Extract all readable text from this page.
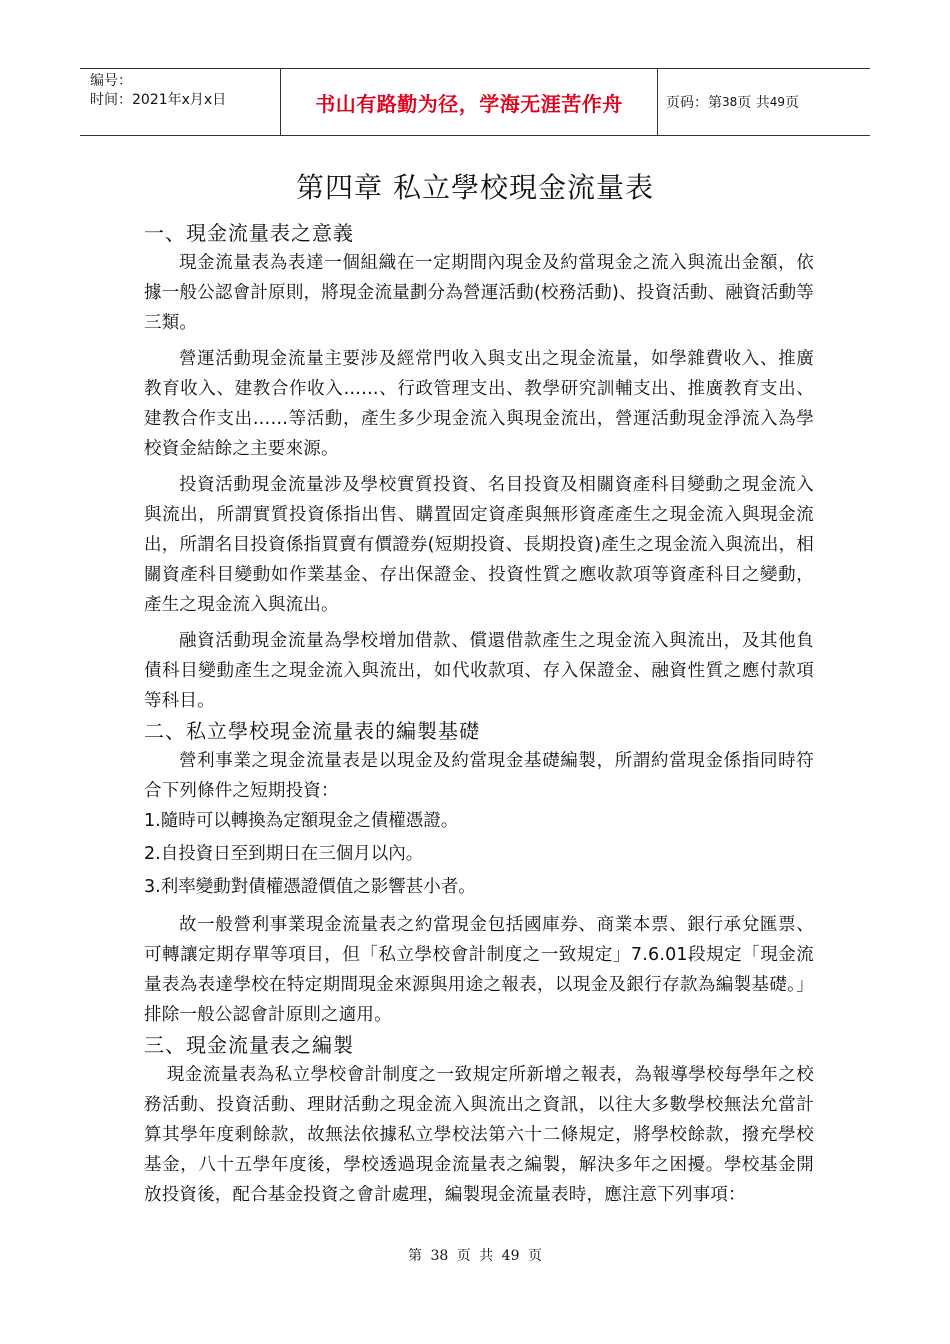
编号：
时间：2021年x月x日	书山有路勤为径，学海无涯苦作舟	页码：第 38 页 共 49 页
第四章 私立學校現金流量表
一、現金流量表之意義

現金流量表為表達一個組織在一定期間內現金及約當現金之流入與流出金額，依據一般公認會計原則，將現金流量劃分為營運活動(校務活動)、投資活動、融資活動等三類。

營運活動現金流量主要涉及經常門收入與支出之現金流量，如學雜費收入、推廣教育收入、建教合作收入……、行政管理支出、教學研究訓輔支出、推廣教育支出、建教合作支出……等活動，產生多少現金流入與現金流出，營運活動現金淨流入為學校資金結餘之主要來源。

投資活動現金流量涉及學校實質投資、名目投資及相關資產科目變動之現金流入與流出，所謂實質投資係指出售、購置固定資產與無形資產產生之現金流入與現金流出，所謂名目投資係指買賣有價證券(短期投資、長期投資)產生之現金流入與流出，相關資產科目變動如作業基金、存出保證金、投資性質之應收款項等資產科目之變動，產生之現金流入與流出。

融資活動現金流量為學校增加借款、償還借款產生之現金流入與流出，及其他負債科目變動產生之現金流入與流出，如代收款項、存入保證金、融資性質之應付款項等科目。

二、私立學校現金流量表的編製基礎

營利事業之現金流量表是以現金及約當現金基礎編製，所謂約當現金係指同時符合下列條件之短期投資：

1.隨時可以轉換為定額現金之債權憑證。
2.自投資日至到期日在三個月以內。
3.利率變動對債權憑證價值之影響甚小者。

故一般營利事業現金流量表之約當現金包括國庫券、商業本票、銀行承兌匯票、可轉讓定期存單等項目，但「私立學校會計制度之一致規定」7.6.01段規定「現金流量表為表達學校在特定期間現金來源與用途之報表，以現金及銀行存款為編製基礎。」排除一般公認會計原則之適用。

三、現金流量表之編製

現金流量表為私立學校會計制度之一致規定所新增之報表，為報導學校每學年之校務活動、投資活動、理財活動之現金流入與流出之資訊，以往大多數學校無法允當計算其學年度剩餘款，故無法依據私立學校法第六十二條規定，將學校餘款，撥充學校基金，八十五學年度後，學校透過現金流量表之編製，解決多年之困擾。學校基金開放投資後，配合基金投資之會計處理，編製現金流量表時，應注意下列事項：

第 38 页 共 49 页
